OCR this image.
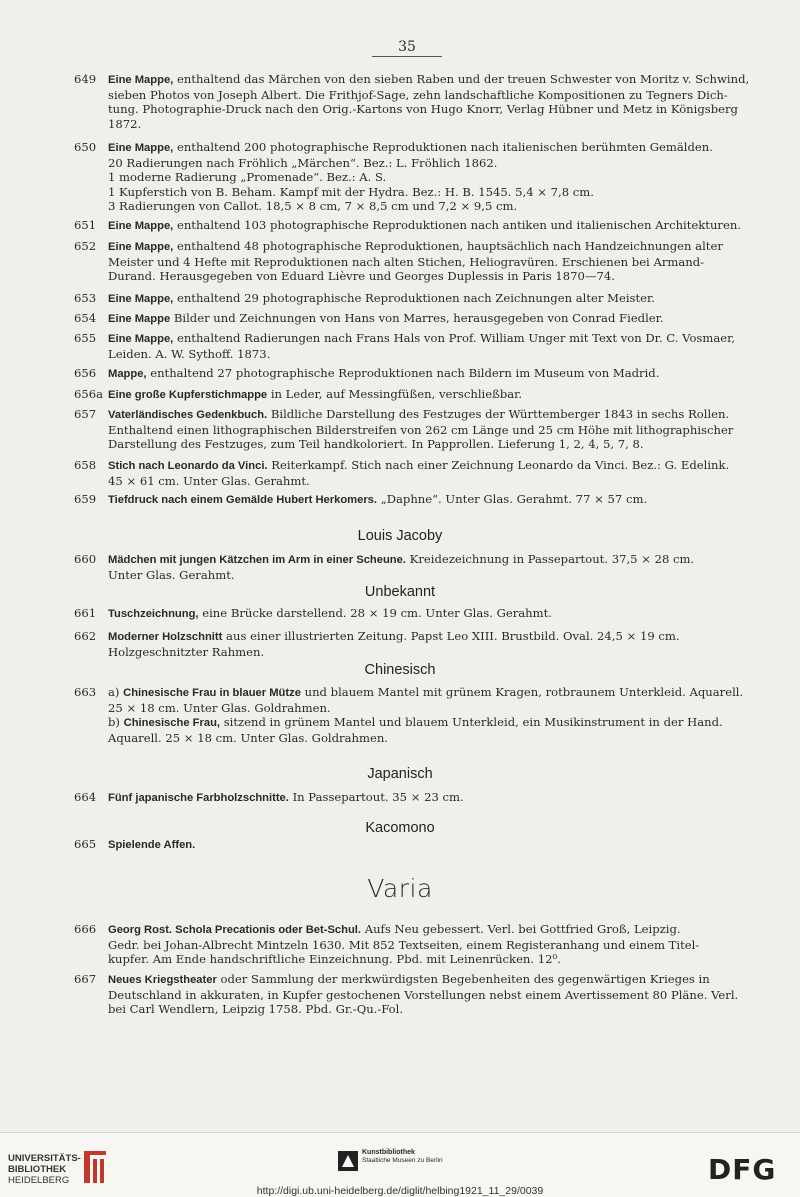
35
649	Eine Mappe, enthaltend das Märchen von den sieben Raben und der treuen Schwester von Moritz v. Schwind,
sieben Photos von Joseph Albert. Die Frithjof-Sage, zehn landschaftliche Kompositionen zu Tegners Dich-
tung. Photographie-Druck nach den Orig.-Kartons von Hugo Knorr, Verlag Hübner und Metz in Königsberg
1872.
650	Eine Mappe, enthaltend 200 photographische Reproduktionen nach italienischen berühmten Gemälden.
20 Radierungen nach Fröhlich „Märchen“. Bez.: L. Fröhlich 1862.
1 moderne Radierung „Promenade“. Bez.: A. S.
1 Kupferstich von B. Beham. Kampf mit der Hydra. Bez.: H. B. 1545. 5,4 × 7,8 cm.
3 Radierungen von Callot. 18,5 × 8 cm, 7 × 8,5 cm und 7,2 × 9,5 cm.
651	Eine Mappe, enthaltend 103 photographische Reproduktionen nach antiken und italienischen Architekturen.
652	Eine Mappe, enthaltend 48 photographische Reproduktionen, hauptsächlich nach Handzeichnungen alter
Meister und 4 Hefte mit Reproduktionen nach alten Stichen, Heliogravüren. Erschienen bei Armand-
Durand. Herausgegeben von Eduard Lièvre und Georges Duplessis in Paris 1870—74.
653	Eine Mappe, enthaltend 29 photographische Reproduktionen nach Zeichnungen alter Meister.
654	Eine Mappe Bilder und Zeichnungen von Hans von Marres, herausgegeben von Conrad Fiedler.
655	Eine Mappe, enthaltend Radierungen nach Frans Hals von Prof. William Unger mit Text von Dr. C. Vosmaer,
Leiden. A. W. Sythoff. 1873.
656	Mappe, enthaltend 27 photographische Reproduktionen nach Bildern im Museum von Madrid.
656a Eine große Kupferstichmappe in Leder, auf Messingfüßen, verschließbar.
657	Vaterländisches Gedenkbuch. Bildliche Darstellung des Festzuges der Württemberger 1843 in sechs Rollen.
Enthaltend einen lithographischen Bilderstreifen von 262 cm Länge und 25 cm Höhe mit lithographischer
Darstellung des Festzuges, zum Teil handkoloriert. In Papprollen. Lieferung 1, 2, 4, 5, 7, 8.
658	Stich nach Leonardo da Vinci. Reiterkampf. Stich nach einer Zeichnung Leonardo da Vinci. Bez.: G. Edelink.
45 × 61 cm. Unter Glas. Gerahmt.
659	Tiefdruck nach einem Gemälde Hubert Herkomers. „Daphne“. Unter Glas. Gerahmt. 77 × 57 cm.
Louis Jacoby
660	Mädchen mit jungen Kätzchen im Arm in einer Scheune. Kreidezeichnung in Passepartout. 37,5 × 28 cm.
Unter Glas. Gerahmt.
Unbekannt
661	Tuschzeichnung, eine Brücke darstellend. 28 × 19 cm. Unter Glas. Gerahmt.
662	Moderner Holzschnitt aus einer illustrierten Zeitung. Papst Leo XIII. Brustbild. Oval. 24,5 × 19 cm.
Holzgeschnitzter Rahmen.
Chinesisch
663	a) Chinesische Frau in blauer Mütze und blauem Mantel mit grünem Kragen, rotbraunem Unterkleid. Aquarell.
25 × 18 cm. Unter Glas. Goldrahmen.
b) Chinesische Frau, sitzend in grünem Mantel und blauem Unterkleid, ein Musikinstrument in der Hand.
Aquarell. 25 × 18 cm. Unter Glas. Goldrahmen.
Japanisch
664	Fünf japanische Farbholzschnitte. In Passepartout. 35 × 23 cm.
Kacomono
665	Spielende Affen.
Varia
666	Georg Rost. Schola Precationis oder Bet-Schul. Aufs Neu gebessert. Verl. bei Gottfried Groß, Leipzig.
Gedr. bei Johan-Albrecht Mintzeln 1630. Mit 852 Textseiten, einem Registeranhang und einem Titel-
kupfer. Am Ende handschriftliche Einzeichnung. Pbd. mit Leinenrücken. 12⁰.
667	Neues Kriegstheater oder Sammlung der merkwürdigsten Begebenheiten des gegenwärtigen Krieges in
Deutschland in akkuraten, in Kupfer gestochenen Vorstellungen nebst einem Avertissement 80 Pläne. Verl.
bei Carl Wendlern, Leipzig 1758. Pbd. Gr.-Qu.-Fol.
UNIVERSITÄTS-
BIBLIOTHEK
HEIDELBERG
Kunstbibliothek
Staatliche Museen zu Berlin	DFG
http://digi.ub.uni-heidelberg.de/diglit/helbing1921_11_29/0039
